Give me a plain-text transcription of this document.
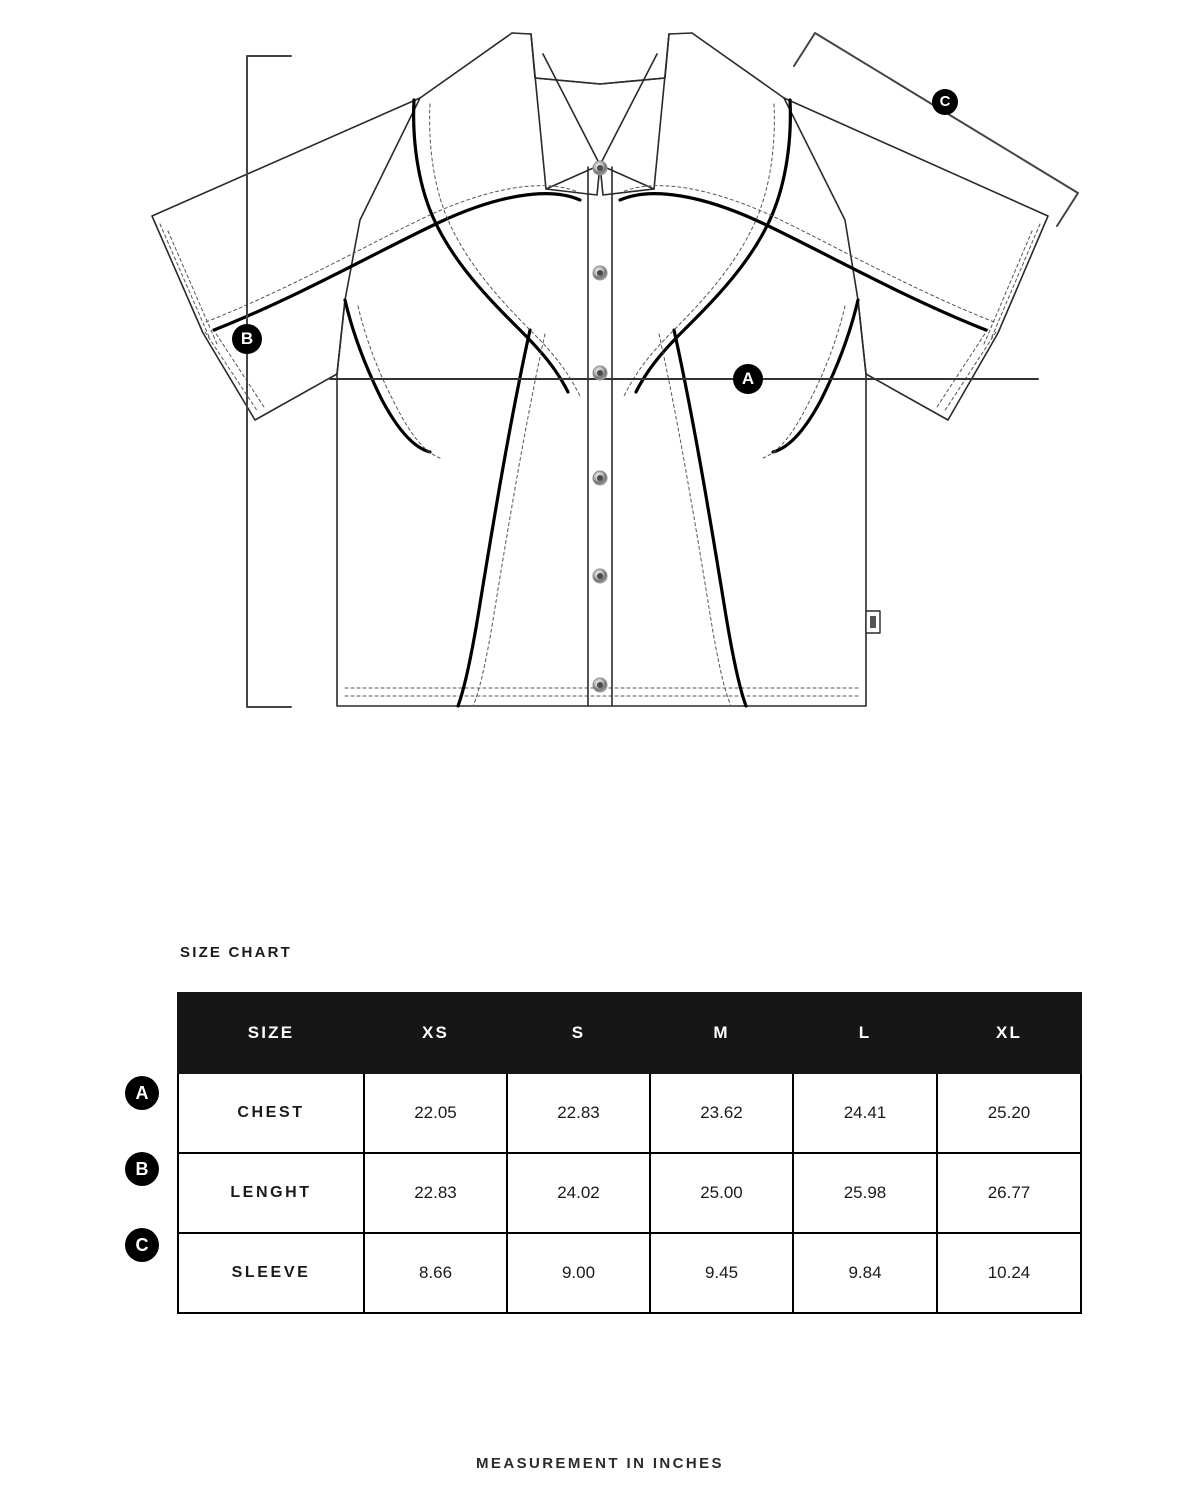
A
B
C
SIZE CHART
A
B
C
SIZE	XS	S	M	L	XL
CHEST	22.05	22.83	23.62	24.41	25.20
LENGHT	22.83	24.02	25.00	25.98	26.77
SLEEVE	8.66	9.00	9.45	9.84	10.24
MEASUREMENT IN INCHES
